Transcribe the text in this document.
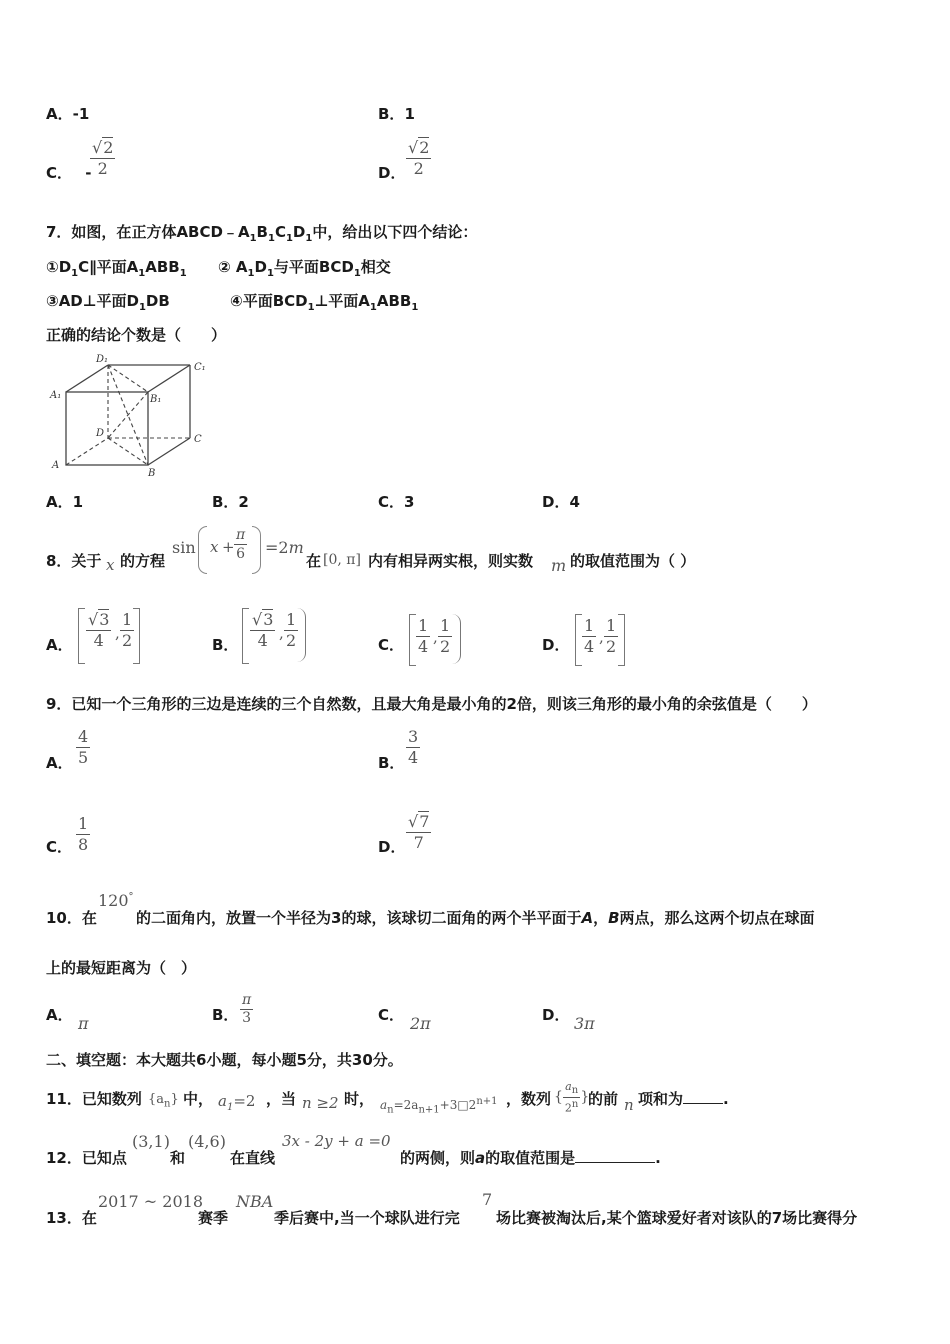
A．-1	B．1
C． -
$\frac{√2}{2}$	D． $\frac{√2}{2}$
7．如图，在正方体$ABCD﹣A_1B_1C_1D_1$中，给出以下四个结论：
$①D_1C\parallel$平面$A_1ABB_1$ ② $A_1D_1$与平面$BCD_1$相交
③AD⊥平面$D_1DB$	④平面$BCD_1\perp$平面$A_1ABB_1$
正确的结论个数是（　　）
D₁
C₁
A₁	B₁
D
C
A
B
A．1	B．2	C．3	D．4
8．关于 x 的方程
$\sin x + \frac{\pi}{6} =2m$
在 [0, π] 内有相异两实根，则实数 m 的取值范围为（ ）
A． $\frac{√3}{4}$ , $\frac{1}{2}$	B． $\frac{√3}{4}$ , $\frac{1}{2}$	C． $\frac{1}{4}$ , $\frac{1}{2}$	D． $\frac{1}{4}$ , $\frac{1}{2}$
9．已知一个三角形的三边是连续的三个自然数，且最大角是最小角的2倍，则该三角形的最小角的余弦值是（　　）
A． $\frac{4}{5}$	B． $\frac{3}{4}$
C． $\frac{1}{8}$	D． $\frac{√7}{7}$
10．在
120°
的二面角内，放置一个半径为3的球，该球切二面角的两个半平面于A，B两点，那么这两个切点在球面
上的最短距离为（　）
A． π	B． $\frac{\pi}{3}$	C． 2π	D． 3π
二、填空题：本大题共6小题，每小题5分，共30分。
11．已知数列 $\{a_n\}$ 中， $a_1=2$ ，当 n ≥2 时， $a_n=2a_{n+1}+3□2^{n+1}$ ，数列 { $\frac{a_n}{2^n}$ }
的前 n 项和为	.
12．已知点
(3,1)
和
(4,6)
在直线
3x - 2y + a =0
的两侧，则a的取值范围是	.
13．在
2017 ~ 2018
赛季
NBA
季后赛中,当一个球队进行完
7
场比赛被淘汰后,某个篮球爱好者对该队的7场比赛得分
